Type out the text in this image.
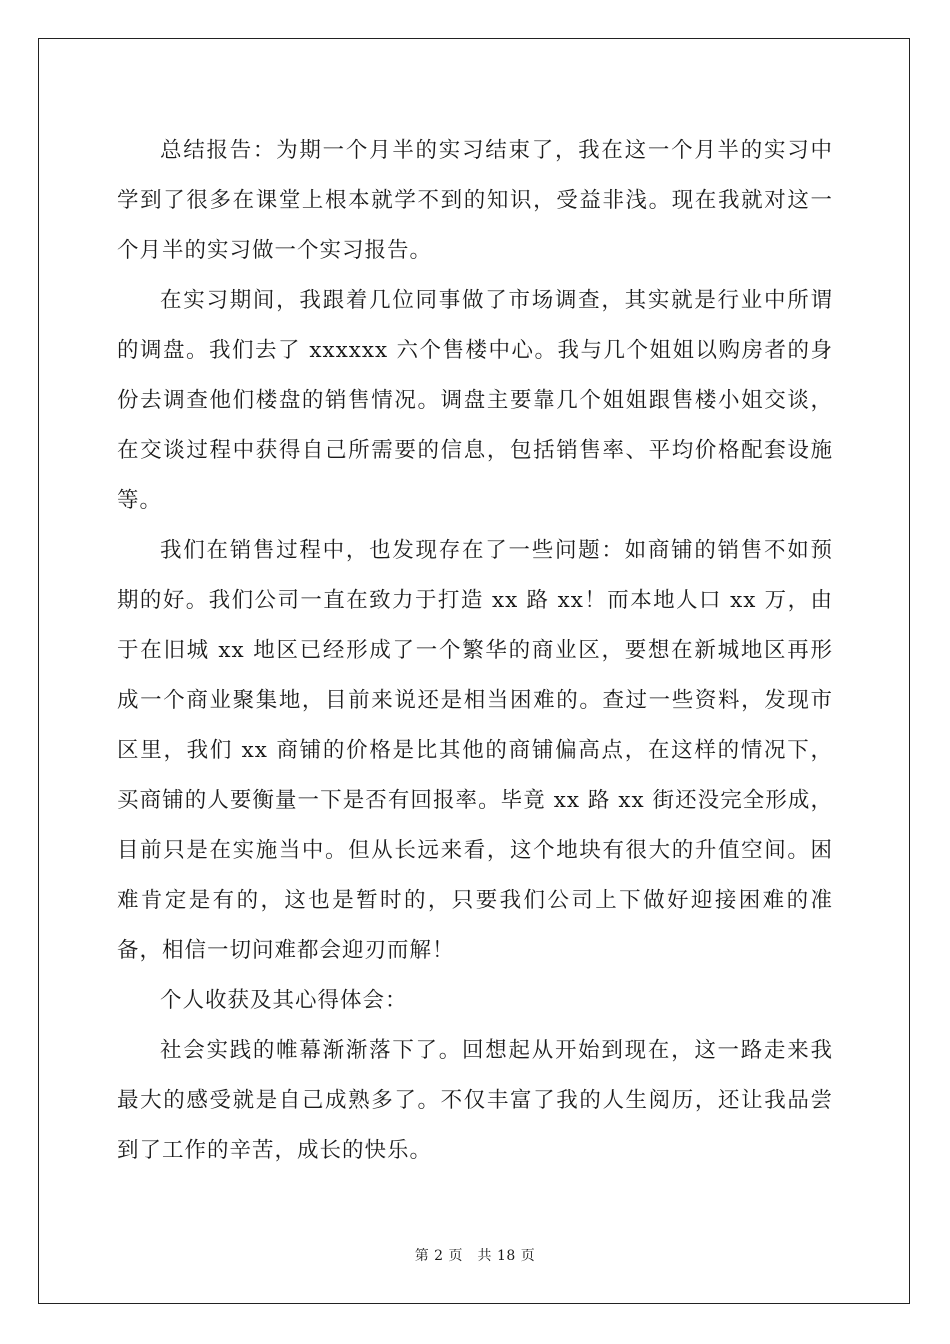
总结报告：为期一个月半的实习结束了，我在这一个月半的实习中学到了很多在课堂上根本就学不到的知识，受益非浅。现在我就对这一个月半的实习做一个实习报告。

在实习期间，我跟着几位同事做了市场调查，其实就是行业中所谓的调盘。我们去了 xxxxxx 六个售楼中心。我与几个姐姐以购房者的身份去调查他们楼盘的销售情况。调盘主要靠几个姐姐跟售楼小姐交谈，在交谈过程中获得自己所需要的信息，包括销售率、平均价格配套设施等。

我们在销售过程中，也发现存在了一些问题：如商铺的销售不如预期的好。我们公司一直在致力于打造 xx 路 xx！而本地人口 xx 万，由于在旧城 xx 地区已经形成了一个繁华的商业区，要想在新城地区再形成一个商业聚集地，目前来说还是相当困难的。查过一些资料，发现市区里，我们 xx 商铺的价格是比其他的商铺偏高点，在这样的情况下，买商铺的人要衡量一下是否有回报率。毕竟 xx 路 xx 街还没完全形成，目前只是在实施当中。但从长远来看，这个地块有很大的升值空间。困难肯定是有的，这也是暂时的，只要我们公司上下做好迎接困难的准备，相信一切问难都会迎刃而解！

个人收获及其心得体会：

社会实践的帷幕渐渐落下了。回想起从开始到现在，这一路走来我最大的感受就是自己成熟多了。不仅丰富了我的人生阅历，还让我品尝到了工作的辛苦，成长的快乐。

第 2 页　共 18 页
